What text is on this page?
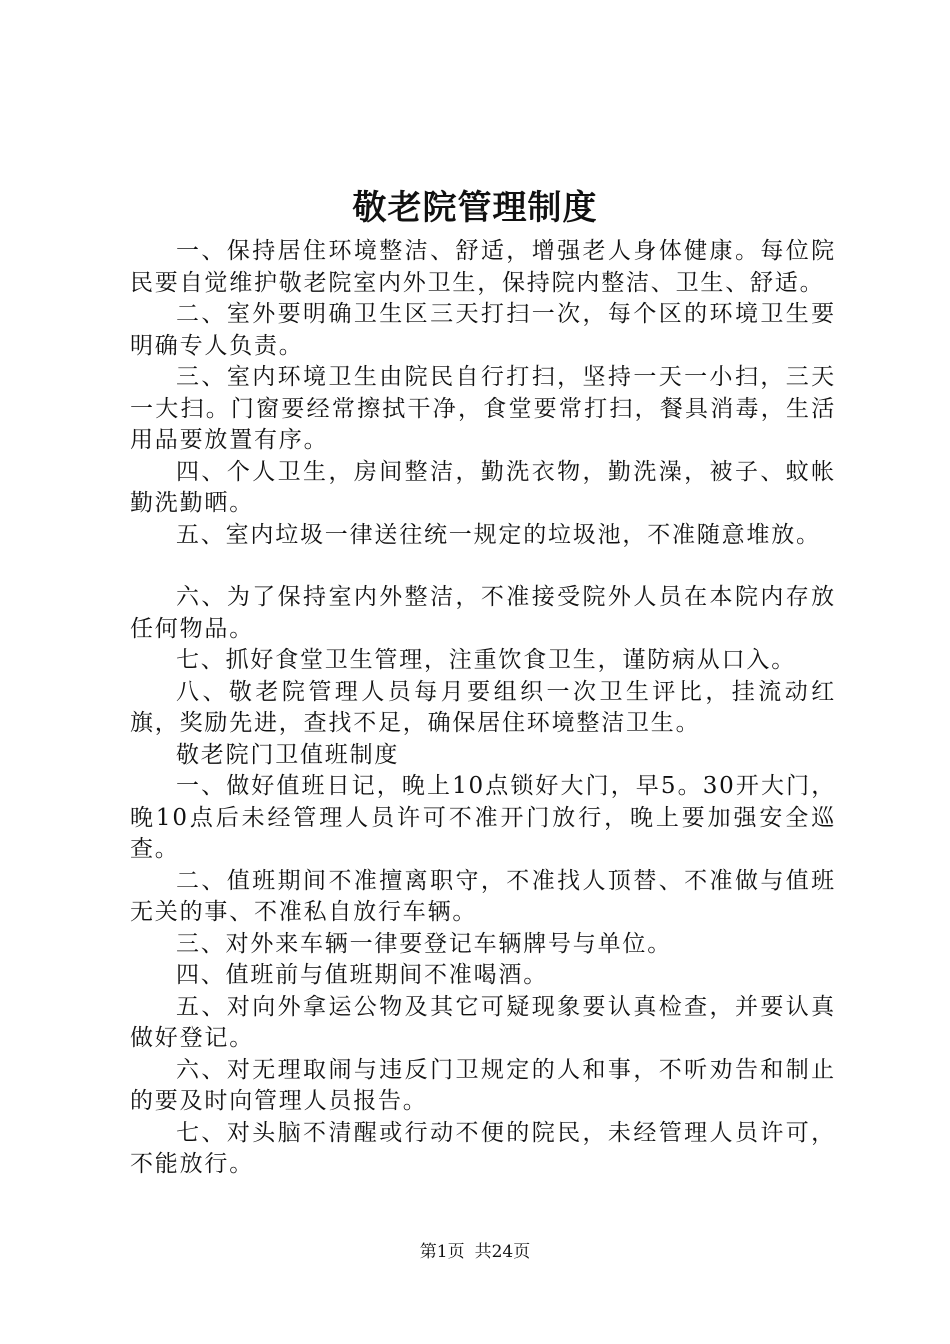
敬老院管理制度

一、保持居住环境整洁、舒适，增强老人身体健康。每位院民要自觉维护敬老院室内外卫生，保持院内整洁、卫生、舒适。

二、室外要明确卫生区三天打扫一次，每个区的环境卫生要明确专人负责。

三、室内环境卫生由院民自行打扫，坚持一天一小扫，三天一大扫。门窗要经常擦拭干净，食堂要常打扫，餐具消毒，生活用品要放置有序。

四、个人卫生，房间整洁，勤洗衣物，勤洗澡，被子、蚊帐勤洗勤晒。

五、室内垃圾一律送往统一规定的垃圾池，不准随意堆放。

六、为了保持室内外整洁，不准接受院外人员在本院内存放任何物品。

七、抓好食堂卫生管理，注重饮食卫生，谨防病从口入。

八、敬老院管理人员每月要组织一次卫生评比，挂流动红旗，奖励先进，查找不足，确保居住环境整洁卫生。

敬老院门卫值班制度

一、做好值班日记，晚上10点锁好大门，早5。30开大门，晚10点后未经管理人员许可不准开门放行，晚上要加强安全巡查。

二、值班期间不准擅离职守，不准找人顶替、不准做与值班无关的事、不准私自放行车辆。

三、对外来车辆一律要登记车辆牌号与单位。

四、值班前与值班期间不准喝酒。

五、对向外拿运公物及其它可疑现象要认真检查，并要认真做好登记。

六、对无理取闹与违反门卫规定的人和事，不听劝告和制止的要及时向管理人员报告。

七、对头脑不清醒或行动不便的院民，未经管理人员许可，不能放行。

第1页 共24页
